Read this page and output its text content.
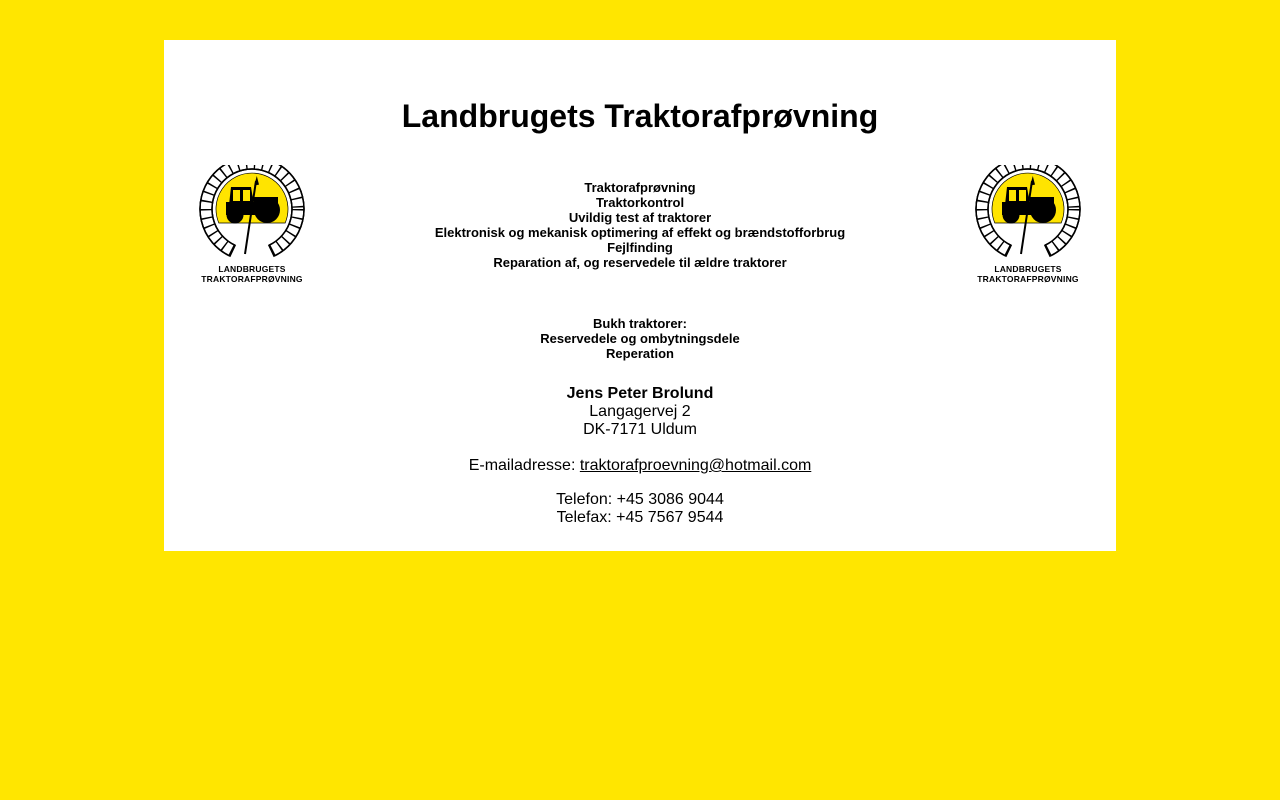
Landbrugets Traktorafprøvning
LANDBRUGETS
TRAKTORAFPRØVNING
Traktorafprøvning
Traktorkontrol
Uvildig test af traktorer
Elektronisk og mekanisk optimering af effekt og brændstofforbrug
Fejlfinding
Reparation af, og reservedele til ældre traktorer	LANDBRUGETS
TRAKTORAFPRØVNING
Bukh traktorer:
Reservedele og ombytningsdele
Reperation
Jens Peter Brolund
Langagervej 2
DK-7171 Uldum
E-mailadresse: traktorafproevning@hotmail.com
Telefon: +45 3086 9044
Telefax: +45 7567 9544
